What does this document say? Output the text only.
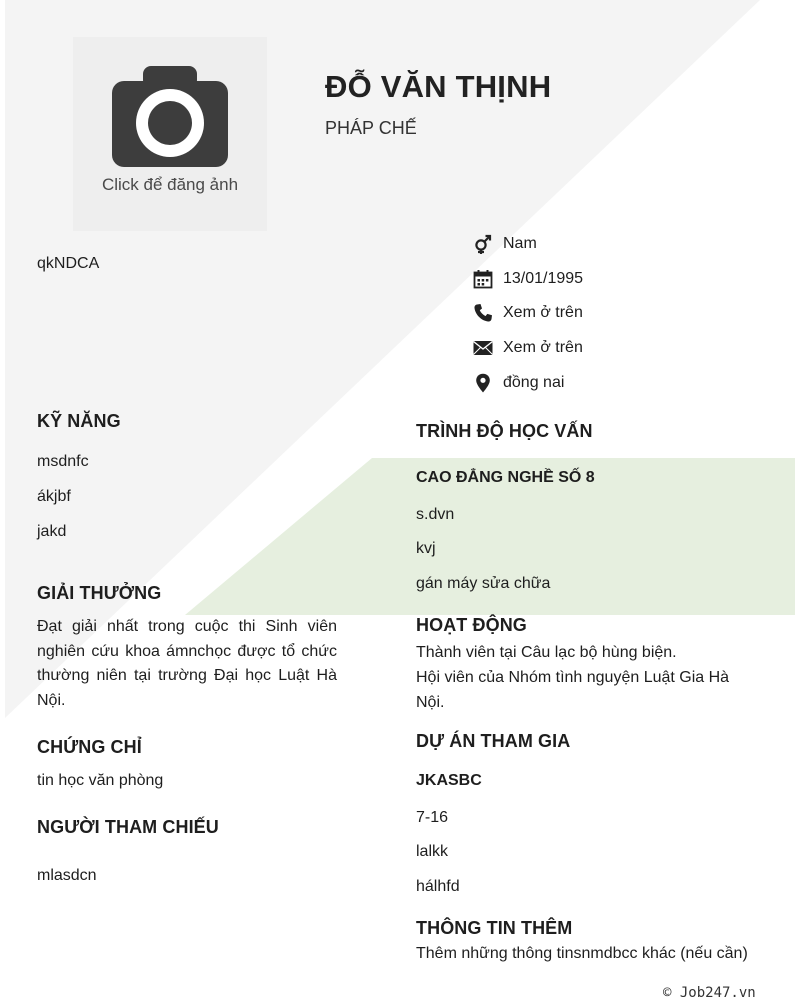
Click để đăng ảnh
ĐỖ VĂN THỊNH
PHÁP CHẾ
qkNDCA
Nam
13/01/1995
Xem ở trên
Xem ở trên
đồng nai
KỸ NĂNG
msdnfc
ákjbf
jakd
GIẢI THƯỞNG
Đạt giải nhất trong cuộc thi Sinh viên nghiên cứu khoa ámnchọc được tổ chức thường niên tại trường Đại học Luật Hà Nội.
CHỨNG CHỈ
tin học văn phòng
NGƯỜI THAM CHIẾU
mlasdcn
TRÌNH ĐỘ HỌC VẤN
CAO ĐẲNG NGHỀ SỐ 8
s.dvn
kvj
gán máy sửa chữa
HOẠT ĐỘNG
Thành viên tại Câu lạc bộ hùng biện.
Hội viên của Nhóm tình nguyện Luật Gia Hà Nội.
DỰ ÁN THAM GIA
JKASBC
7-16
lalkk
hálhfd
THÔNG TIN THÊM
Thêm những thông tinsnmdbcc khác (nếu cần)
© Job247.vn
